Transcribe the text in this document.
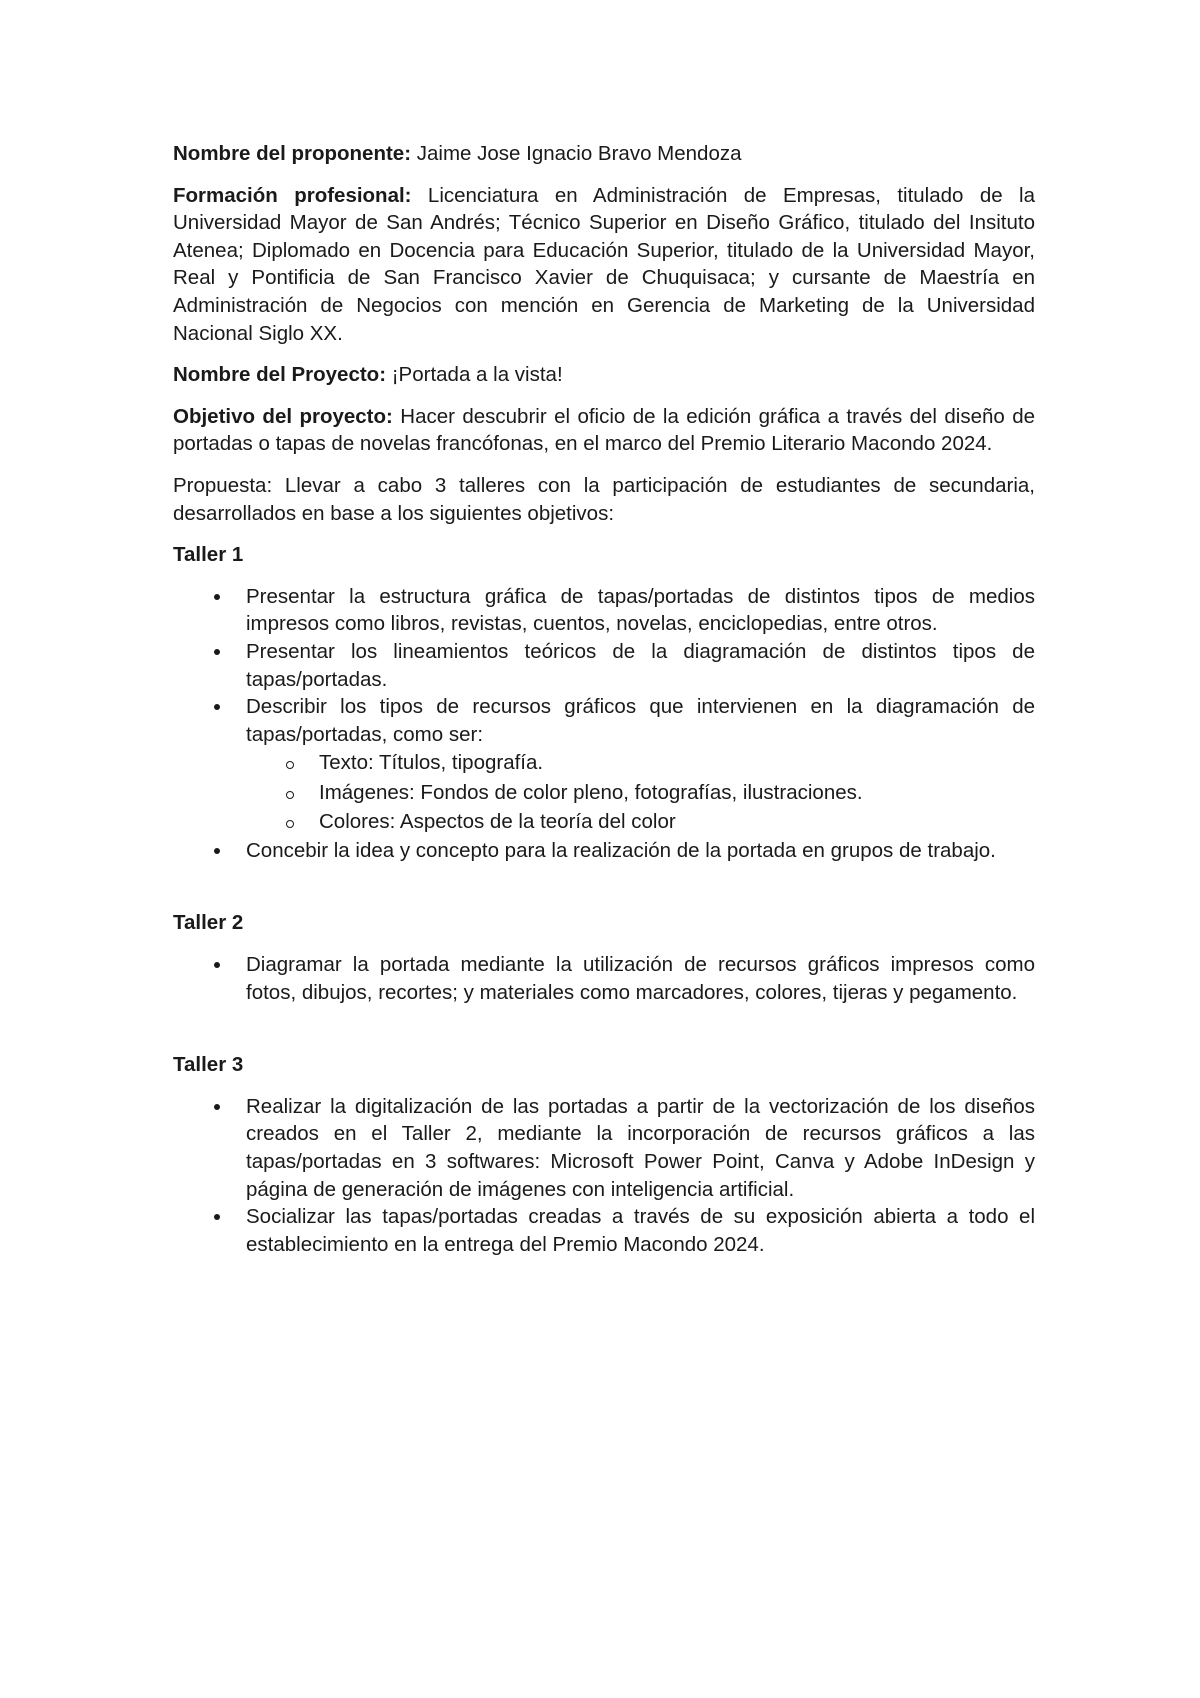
Nombre del proponente: Jaime Jose Ignacio Bravo Mendoza

Formación profesional: Licenciatura en Administración de Empresas, titulado de la Universidad Mayor de San Andrés; Técnico Superior en Diseño Gráfico, titulado del Insituto Atenea; Diplomado en Docencia para Educación Superior, titulado de la Universidad Mayor, Real y Pontificia de San Francisco Xavier de Chuquisaca; y cursante de Maestría en Administración de Negocios con mención en Gerencia de Marketing de la Universidad Nacional Siglo XX.

Nombre del Proyecto: ¡Portada a la vista!

Objetivo del proyecto: Hacer descubrir el oficio de la edición gráfica a través del diseño de portadas o tapas de novelas francófonas, en el marco del Premio Literario Macondo 2024.

Propuesta: Llevar a cabo 3 talleres con la participación de estudiantes de secundaria, desarrollados en base a los siguientes objetivos:

Taller 1
Presentar la estructura gráfica de tapas/portadas de distintos tipos de medios impresos como libros, revistas, cuentos, novelas, enciclopedias, entre otros.
Presentar los lineamientos teóricos de la diagramación de distintos tipos de tapas/portadas.
Describir los tipos de recursos gráficos que intervienen en la diagramación de tapas/portadas, como ser:
Texto: Títulos, tipografía.
Imágenes: Fondos de color pleno, fotografías, ilustraciones.
Colores: Aspectos de la teoría del color
Concebir la idea y concepto para la realización de la portada en grupos de trabajo.
Taller 2
Diagramar la portada mediante la utilización de recursos gráficos impresos como fotos, dibujos, recortes; y materiales como marcadores, colores, tijeras y pegamento.
Taller 3
Realizar la digitalización de las portadas a partir de la vectorización de los diseños creados en el Taller 2, mediante la incorporación de recursos gráficos a las tapas/portadas en 3 softwares: Microsoft Power Point, Canva y Adobe InDesign y página de generación de imágenes con inteligencia artificial.
Socializar las tapas/portadas creadas a través de su exposición abierta a todo el establecimiento en la entrega del Premio Macondo 2024.
